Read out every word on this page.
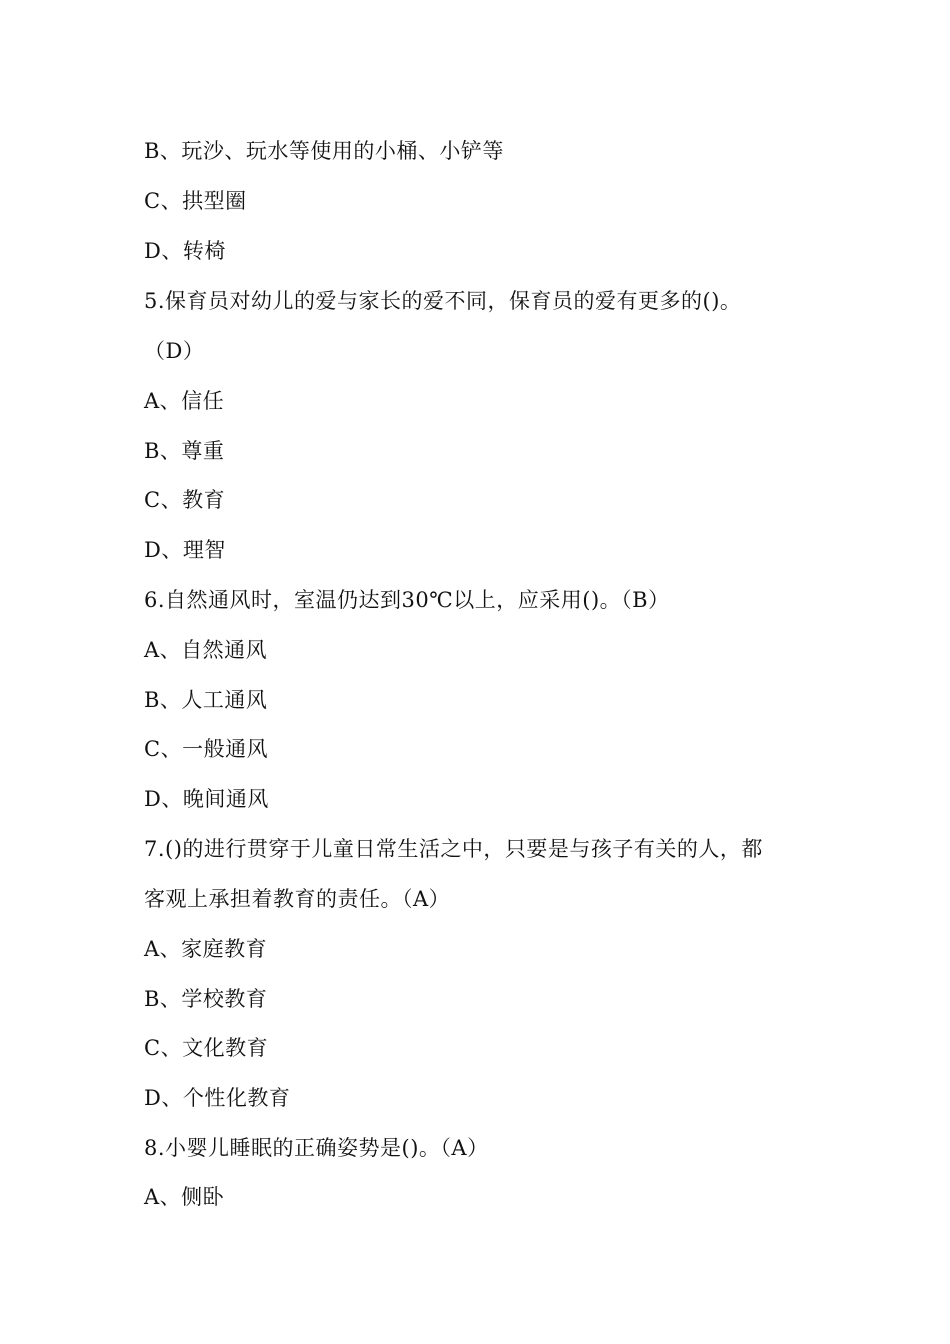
B、玩沙、玩水等使用的小桶、小铲等
C、拱型圈
D、转椅
5.保育员对幼儿的爱与家长的爱不同，保育员的爱有更多的()。
（D）
A、信任
B、尊重
C、教育
D、理智
6.自然通风时，室温仍达到30℃以上，应采用()。（B）
A、自然通风
B、人工通风
C、一般通风
D、晚间通风
7.()的进行贯穿于儿童日常生活之中，只要是与孩子有关的人，都
客观上承担着教育的责任。（A）
A、家庭教育
B、学校教育
C、文化教育
D、个性化教育
8.小婴儿睡眠的正确姿势是()。（A）
A、侧卧
